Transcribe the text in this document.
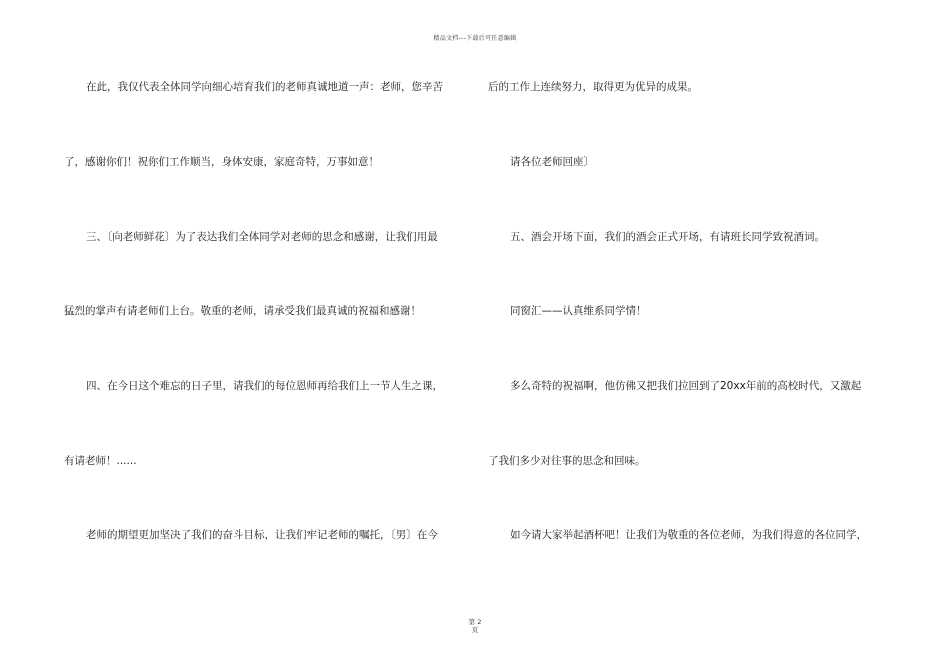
精品文档---下载后可任意编辑
在此，我仅代表全体同学向细心培育我们的老师真诚地道一声：老师，您辛苦
了，感谢你们！祝你们工作顺当，身体安康，家庭奇特，万事如意！
三、〔向老师鲜花〕为了表达我们全体同学对老师的思念和感谢，让我们用最
猛烈的掌声有请老师们上台。敬重的老师，请承受我们最真诚的祝福和感谢！
四、在今日这个难忘的日子里，请我们的每位恩师再给我们上一节人生之课，
有请老师！......
老师的期望更加坚决了我们的奋斗目标，让我们牢记老师的嘱托，〔男〕在今
后的工作上连续努力，取得更为优异的成果。
请各位老师回座〕
五、酒会开场下面，我们的酒会正式开场，有请班长同学致祝酒词。
同窗汇——认真维系同学情！
多么奇特的祝福啊，他仿佛又把我们拉回到了20xx年前的高校时代，又激起
了我们多少对往事的思念和回味。
如今请大家举起酒杯吧！让我们为敬重的各位老师，为我们得意的各位同学，
第 2
页
